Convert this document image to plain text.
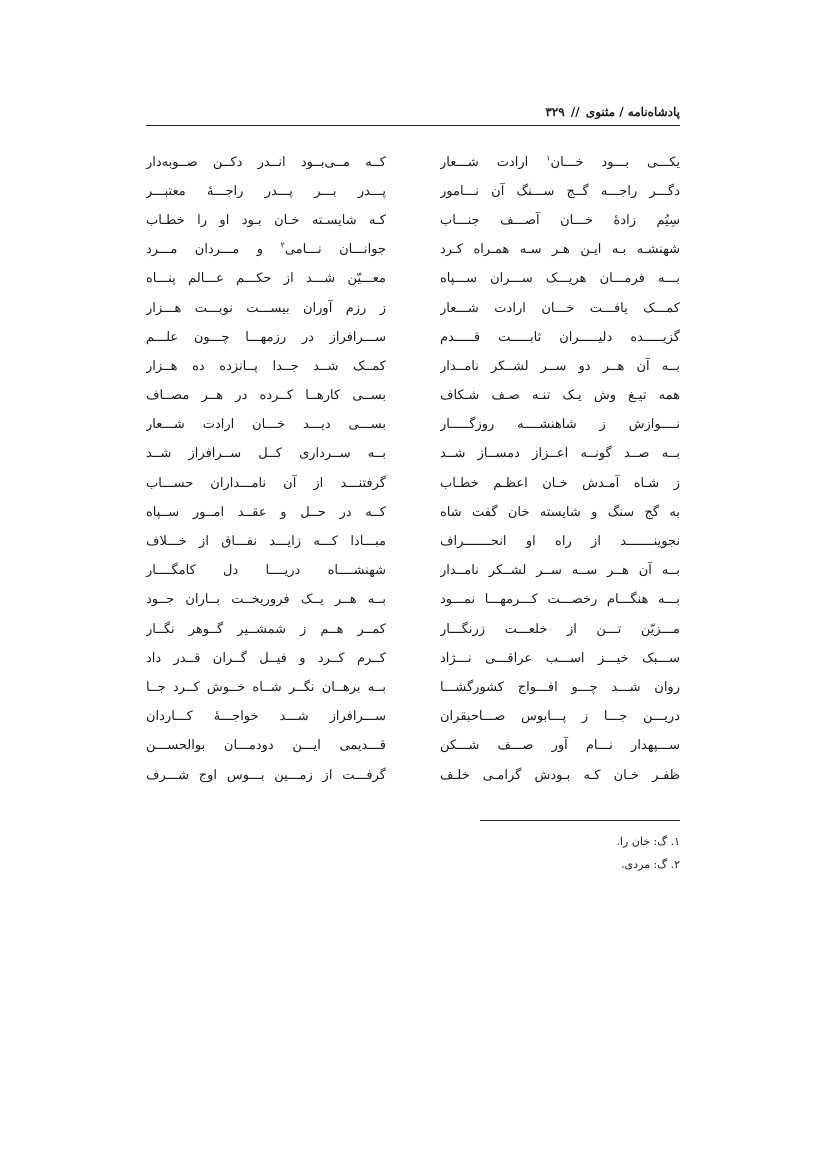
پادشاه‌نامه / مثنوی // ۳۲۹
یکـــی بـــود خـــان$^۱$ ارادت شـــعار
کــه مــی‌بــود انــدر دکــن صــوبه‌دار
دگـــر راجـــه گــج ســـنگ آن نـــامور
پـــدر بـــر پـــدر راجـــهٔ معتبـــر
سِیُم زادهٔ خـــان آصـــف جنـــاب
کـه شایسـته خـان بـود او را خطـاب
شهنشـه بـه ایـن هـر سـه همـراه کـرد
جوانـــان نـــامی$^۲$ و مـــردان مـــرد
بـــه فرمـــان هریـــک ســـران ســـپاه
معـــیّن شـــد از حکـــم عـــالم پنـــاه
کمـــک یافـــت خـــان ارادت شـــعار
ز رزم آوران بیســـت نوبـــت هـــزار
گزیـــــده دلیـــــران ثابـــــت قـــــدم
ســـرافراز در رزمهـــا چـــون علـــم
بــه آن هــر دو ســر لشــکر نامــدار
کمــک شــد جــدا پــانزده ده هــزار
همه تیـغ وش یـک تنـه صـف شـکاف
بســی کارهــا کــرده در هــر مصــاف
نــــوازش ز شاهنشــــه روزگـــــار
بســـی دیـــد خـــان ارادت شـــعار
بــه صــد گونــه اعــزاز دمســاز شــد
بــه ســرداری کــل ســرافراز شــد
ز شـاه آمـدش خـان اعظـم خطـاب
گرفتنـــد از آن نامـــداران حســـاب
به گج سنگ و شایسته خان گفت شاه
کــه در حــل و عقــد امــور ســپاه
نجوینـــــــد از راه او انحـــــــراف
مبـــادا کـــه زایـــد نفـــاق از خـــلاف
بــه آن هــر ســه ســر لشــکر نامــدار
شهنشــــاه دریــــا دل کامگــــار
بـــه هنگـــام رخصـــت کـــرمهـــا نمـــود
بــه هــر یــک فروریخــت بــاران جــود
مـــزیّن تـــن از خلعـــت زرنگـــار
کمــر هــم ز شمشــیر گــوهر نگــار
ســـبک خیـــز اســـب عراقـــی نـــژاد
کــرم کــرد و فیــل گــران قــدر داد
روان شـــد چـــو افـــواج کشورگشـــا
بــه برهــان نگــر شــاه خــوش کــرد جــا
دریـــن جـــا ز پـــابوس صـــاحبقران
ســـرافراز شـــد خواجـــهٔ کـــاردان
ســـپهدار نـــام آور صـــف شـــکن
قـــدیمی ایـــن دودمـــان بوالحســـن
ظفـر خـان کـه بـودش گرامـی خلـف
گرفـــت از زمـــین بـــوس اوج شـــرف
۱. گ: خان را.
۲. گ: مردی.
